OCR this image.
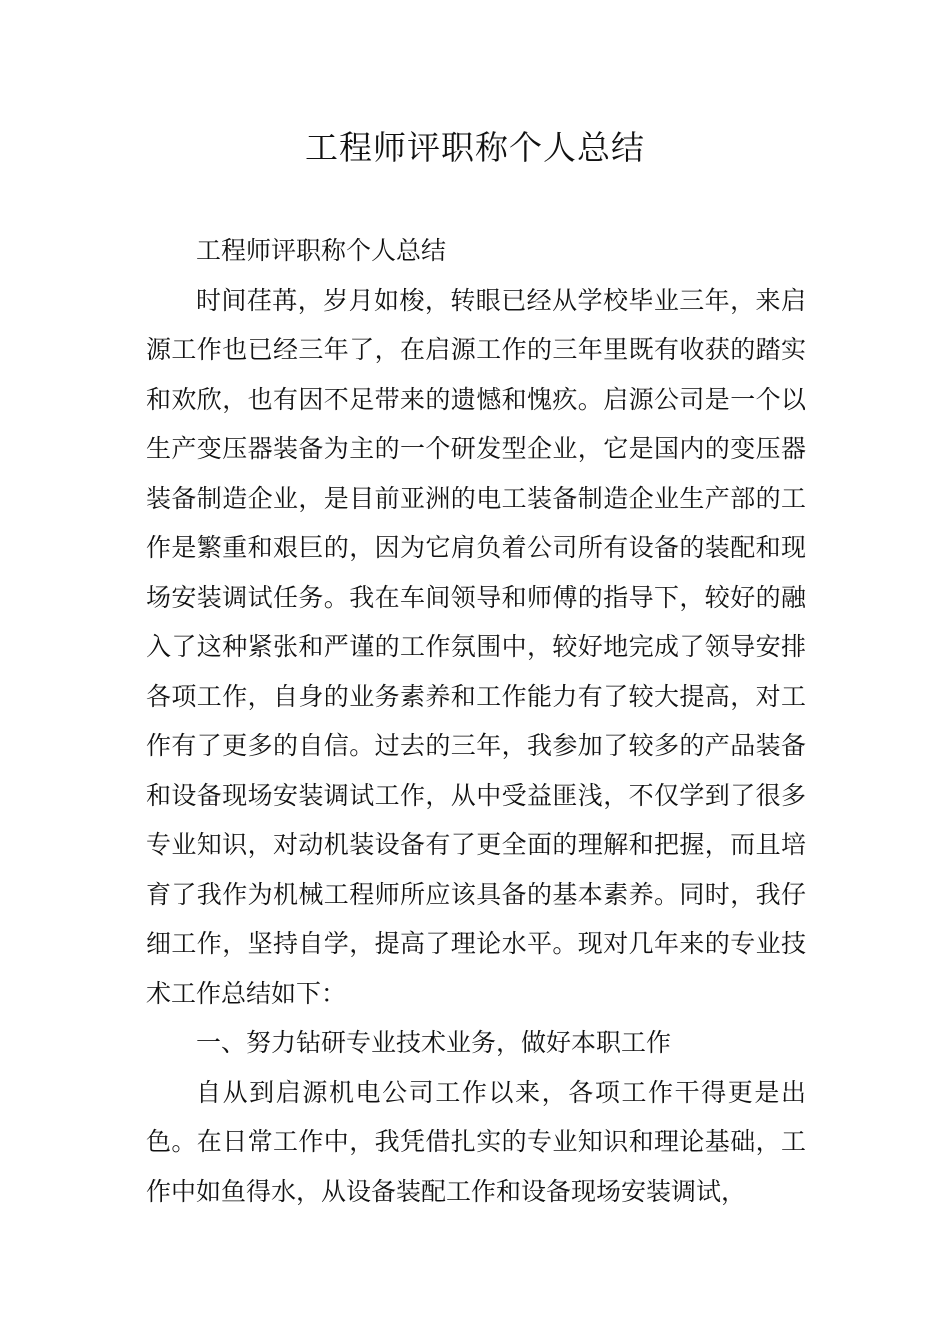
工程师评职称个人总结

工程师评职称个人总结

时间荏苒，岁月如梭，转眼已经从学校毕业三年，来启源工作也已经三年了，在启源工作的三年里既有收获的踏实和欢欣，也有因不足带来的遗憾和愧疚。启源公司是一个以生产变压器装备为主的一个研发型企业，它是国内的变压器装备制造企业，是目前亚洲的电工装备制造企业生产部的工作是繁重和艰巨的，因为它肩负着公司所有设备的装配和现场安装调试任务。我在车间领导和师傅的指导下，较好的融入了这种紧张和严谨的工作氛围中，较好地完成了领导安排各项工作，自身的业务素养和工作能力有了较大提高，对工作有了更多的自信。过去的三年，我参加了较多的产品装备和设备现场安装调试工作，从中受益匪浅，不仅学到了很多专业知识，对动机装设备有了更全面的理解和把握，而且培育了我作为机械工程师所应该具备的基本素养。同时，我仔细工作，坚持自学，提高了理论水平。现对几年来的专业技术工作总结如下：

一、努力钻研专业技术业务，做好本职工作

自从到启源机电公司工作以来，各项工作干得更是出色。在日常工作中，我凭借扎实的专业知识和理论基础，工作中如鱼得水，从设备装配工作和设备现场安装调试，
